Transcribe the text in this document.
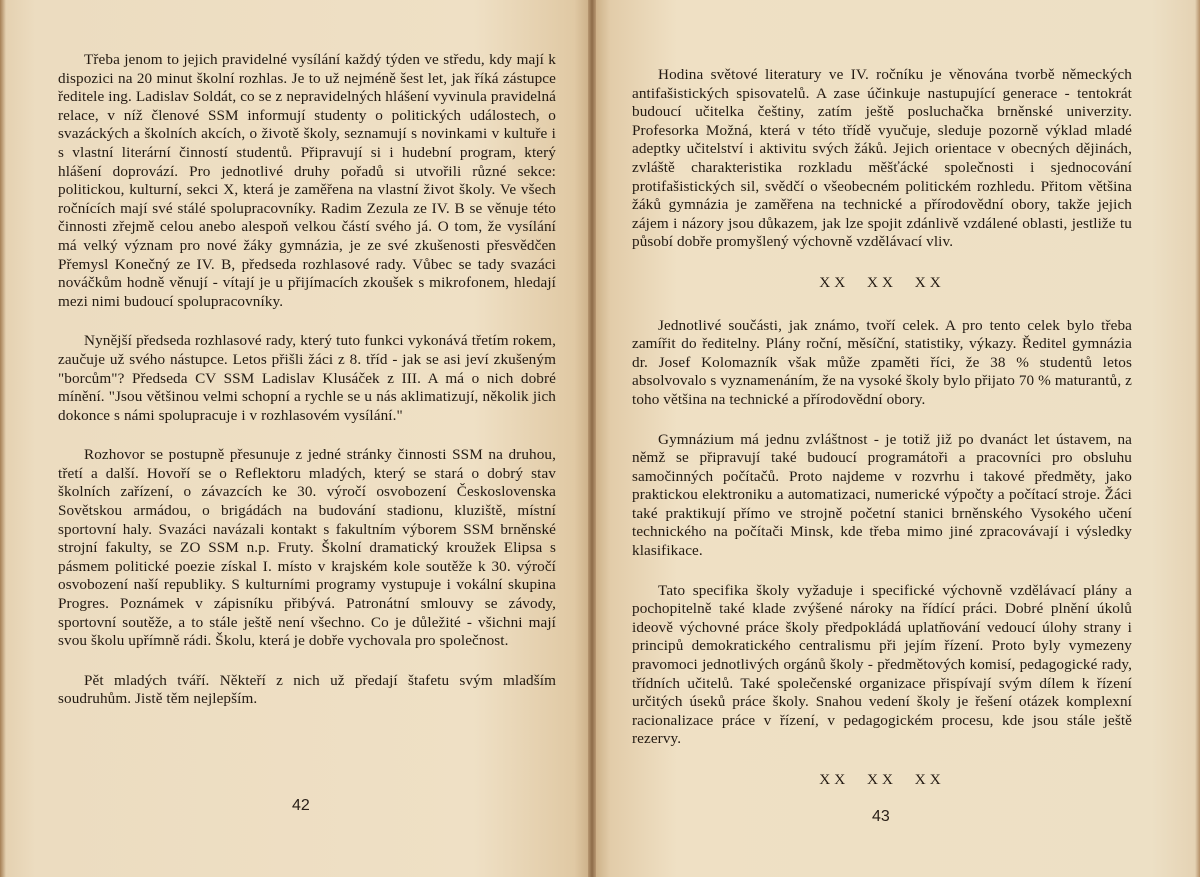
Třeba jenom to jejich pravidelné vysílání každý týden ve středu, kdy mají k dispozici na 20 minut školní rozhlas. Je to už nejméně šest let, jak říká zástupce ředitele ing. Ladislav Soldát, co se z nepravidelných hlášení vyvinula pravidelná relace, v níž členové SSM informují studenty o politických událostech, o svazáckých a školních akcích, o životě školy, seznamují s novinkami v kultuře i s vlastní literární činností studentů. Připravují si i hudební program, který hlášení doprovází. Pro jednotlivé druhy pořadů si utvořili různé sekce: politickou, kulturní, sekci X, která je zaměřena na vlastní život školy. Ve všech ročnících mají své stálé spolupracovníky. Radim Zezula ze IV. B se věnuje této činnosti zřejmě celou anebo alespoň velkou částí svého já. O tom, že vysílání má velký význam pro nové žáky gymnázia, je ze své zkušenosti přesvědčen Přemysl Konečný ze IV. B, předseda rozhlasové rady. Vůbec se tady svazáci nováčkům hodně věnují - vítají je u přijímacích zkoušek s mikrofonem, hledají mezi nimi budoucí spolupracovníky.

Nynější předseda rozhlasové rady, který tuto funkci vykonává třetím rokem, zaučuje už svého nástupce. Letos přišli žáci z 8. tříd - jak se asi jeví zkušeným "borcům"? Předseda CV SSM Ladislav Klusáček z III. A má o nich dobré mínění. "Jsou většinou velmi schopní a rychle se u nás aklimatizují, několik jich dokonce s námi spolupracuje i v rozhlasovém vysílání."

Rozhovor se postupně přesunuje z jedné stránky činnosti SSM na druhou, třetí a další. Hovoří se o Reflektoru mladých, který se stará o dobrý stav školních zařízení, o závazcích ke 30. výročí osvobození Československa Sovětskou armádou, o brigádách na budování stadionu, kluziště, místní sportovní haly. Svazáci navázali kontakt s fakultním výborem SSM brněnské strojní fakulty, se ZO SSM n.p. Fruty. Školní dramatický kroužek Elipsa s pásmem politické poezie získal I. místo v krajském kole soutěže k 30. výročí osvobození naší republiky. S kulturními programy vystupuje i vokální skupina Progres. Poznámek v zápisníku přibývá. Patronátní smlouvy se závody, sportovní soutěže, a to stále ještě není všechno. Co je důležité - všichni mají svou školu upřímně rádi. Školu, která je dobře vychovala pro společnost.

Pět mladých tváří. Někteří z nich už předají štafetu svým mladším soudruhům. Jistě těm nejlepším.

42

Hodina světové literatury ve IV. ročníku je věnována tvorbě německých antifašistických spisovatelů. A zase účinkuje nastupující generace - tentokrát budoucí učitelka češtiny, zatím ještě posluchačka brněnské univerzity. Profesorka Možná, která v této třídě vyučuje, sleduje pozorně výklad mladé adeptky učitelství i aktivitu svých žáků. Jejich orientace v obecných dějinách, zvláště charakteristika rozkladu měšťácké společnosti i sjednocování protifašistických sil, svědčí o všeobecném politickém rozhledu. Přitom většina žáků gymnázia je zaměřena na technické a přírodovědní obory, takže jejich zájem i názory jsou důkazem, jak lze spojit zdánlivě vzdálené oblasti, jestliže tu působí dobře promyšlený výchovně vzdělávací vliv.

XX XX XX

Jednotlivé součásti, jak známo, tvoří celek. A pro tento celek bylo třeba zamířit do ředitelny. Plány roční, měsíční, statistiky, výkazy. Ředitel gymnázia dr. Josef Kolomazník však může zpaměti říci, že 38 % studentů letos absolvovalo s vyznamenáním, že na vysoké školy bylo přijato 70 % maturantů, z toho většina na technické a přírodovědní obory.

Gymnázium má jednu zvláštnost - je totiž již po dvanáct let ústavem, na němž se připravují také budoucí programátoři a pracovníci pro obsluhu samočinných počítačů. Proto najdeme v rozvrhu i takové předměty, jako praktickou elektroniku a automatizaci, numerické výpočty a počítací stroje. Žáci také praktikují přímo ve strojně početní stanici brněnského Vysokého učení technického na počítači Minsk, kde třeba mimo jiné zpracovávají i výsledky klasifikace.

Tato specifika školy vyžaduje i specifické výchovně vzdělávací plány a pochopitelně také klade zvýšené nároky na řídící práci. Dobré plnění úkolů ideově výchovné práce školy předpokládá uplatňování vedoucí úlohy strany i principů demokratického centralismu při jejím řízení. Proto byly vymezeny pravomoci jednotlivých orgánů školy - předmětových komisí, pedagogické rady, třídních učitelů. Také společenské organizace přispívají svým dílem k řízení určitých úseků práce školy. Snahou vedení školy je řešení otázek komplexní racionalizace práce v řízení, v pedagogickém procesu, kde jsou stále ještě rezervy.

XX XX XX

43
